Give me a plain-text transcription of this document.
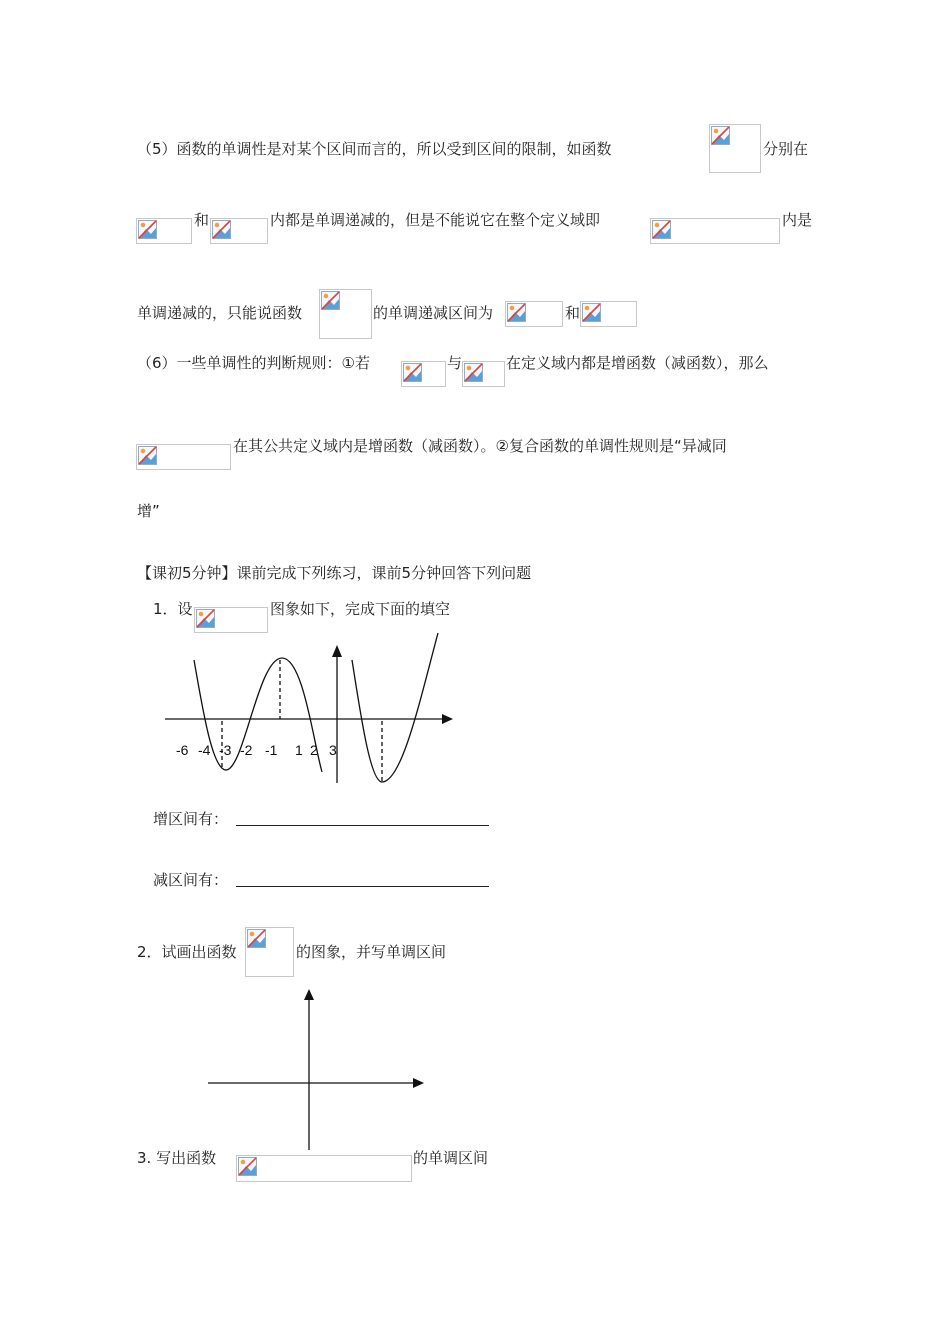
（5）函数的单调性是对某个区间而言的，所以受到区间的限制，如函数	分别在
和	内都是单调递减的，但是不能说它在整个定义域即	内是
单调递减的，只能说函数	的单调递减区间为	和
（6）一些单调性的判断规则：①若	与	在定义域内都是增函数（减函数），那么
在其公共定义域内是增函数（减函数）。②复合函数的单调性规则是“异减同
增”
【课初5分钟】课前完成下列练习，课前5分钟回答下列问题
1．设	图象如下，完成下面的填空
-6 -4 -3 -2 -1 1 2 3
增区间有：
减区间有：
2．试画出函数	的图象，并写单调区间
3. 写出函数	的单调区间
